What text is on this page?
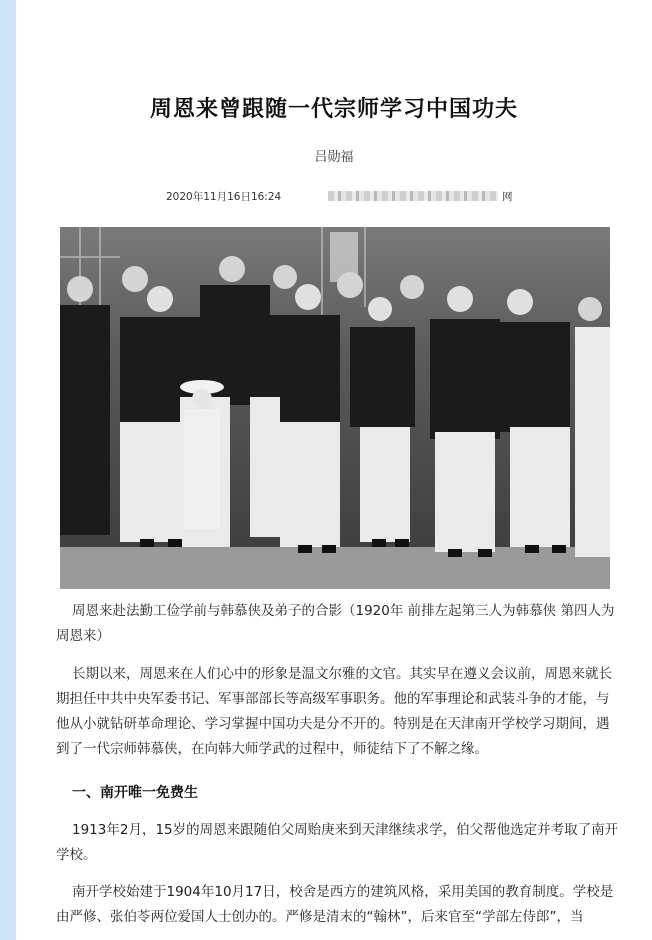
周恩来曾跟随一代宗师学习中国功夫
吕勋福
2020年11月16日16:24	网
周恩来赴法勤工俭学前与韩慕侠及弟子的合影（1920年 前排左起第三人为韩慕侠 第四人为周恩来）

长期以来，周恩来在人们心中的形象是温文尔雅的文官。其实早在遵义会议前，周恩来就长期担任中共中央军委书记、军事部部长等高级军事职务。他的军事理论和武装斗争的才能，与他从小就钻研革命理论、学习掌握中国功夫是分不开的。特别是在天津南开学校学习期间，遇到了一代宗师韩慕侠，在向韩大师学武的过程中，师徒结下了不解之缘。

一、南开唯一免费生

1913年2月，15岁的周恩来跟随伯父周贻庚来到天津继续求学，伯父帮他选定并考取了南开学校。

南开学校始建于1904年10月17日，校舍是西方的建筑风格，采用美国的教育制度。学校是由严修、张伯苓两位爱国人士创办的。严修是清末的“翰林”，后来官至“学部左侍郎”，当
